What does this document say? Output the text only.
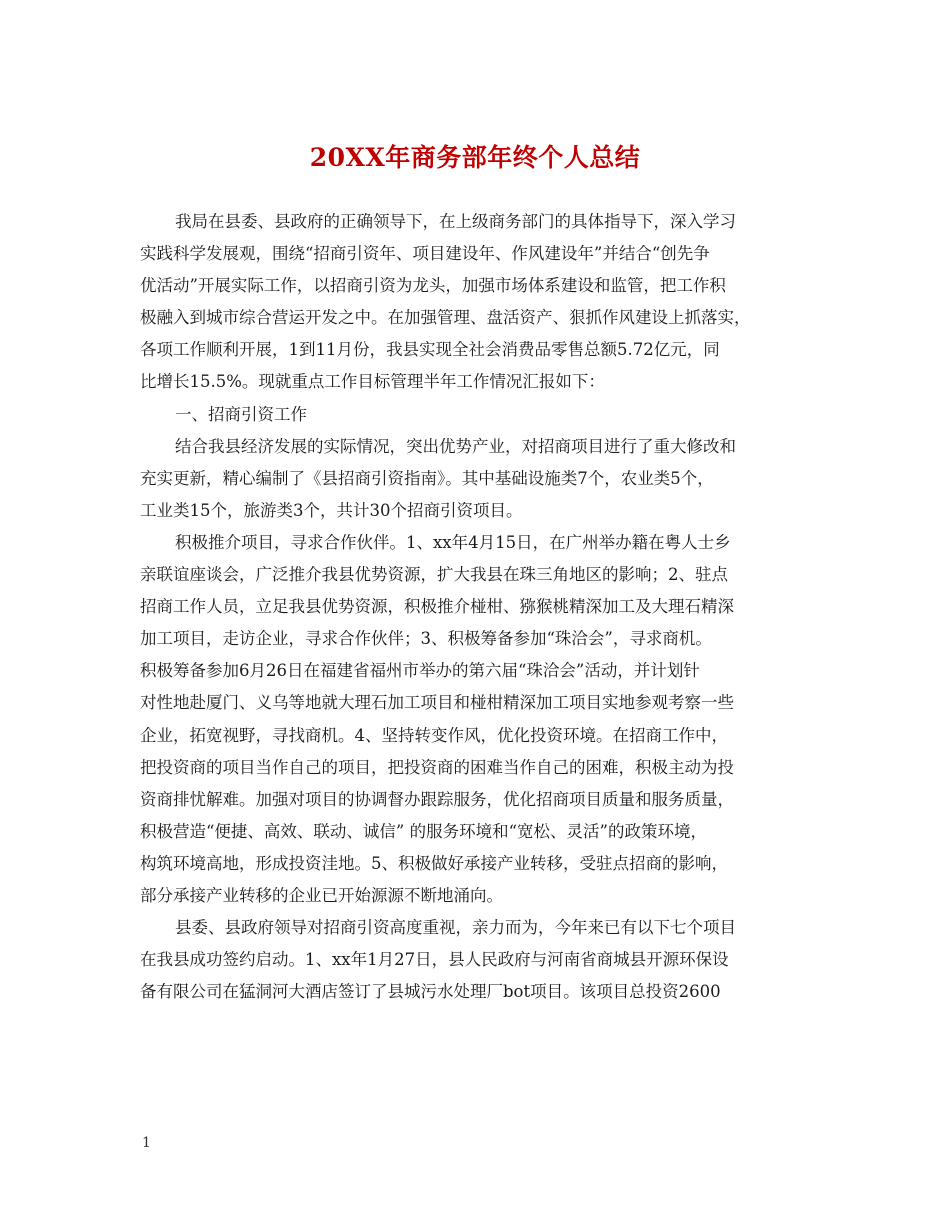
20XX年商务部年终个人总结
我局在县委、县政府的正确领导下，在上级商务部门的具体指导下，深入学习
实践科学发展观，围绕“招商引资年、项目建设年、作风建设年”并结合“创先争
优活动”开展实际工作，以招商引资为龙头，加强市场体系建设和监管，把工作积
极融入到城市综合营运开发之中。在加强管理、盘活资产、狠抓作风建设上抓落实，
各项工作顺利开展，1到11月份，我县实现全社会消费品零售总额5.72亿元，同
比增长15.5%。现就重点工作目标管理半年工作情况汇报如下：
一、招商引资工作
结合我县经济发展的实际情况，突出优势产业，对招商项目进行了重大修改和
充实更新，精心编制了《县招商引资指南》。其中基础设施类7个，农业类5个，
工业类15个，旅游类3个，共计30个招商引资项目。
积极推介项目，寻求合作伙伴。1、xx年4月15日，在广州举办籍在粤人士乡
亲联谊座谈会，广泛推介我县优势资源，扩大我县在珠三角地区的影响；2、驻点
招商工作人员，立足我县优势资源，积极推介椪柑、猕猴桃精深加工及大理石精深
加工项目，走访企业，寻求合作伙伴；3、积极筹备参加“珠洽会”，寻求商机。
积极筹备参加6月26日在福建省福州市举办的第六届“珠洽会”活动，并计划针
对性地赴厦门、义乌等地就大理石加工项目和椪柑精深加工项目实地参观考察一些
企业，拓宽视野，寻找商机。4、坚持转变作风，优化投资环境。在招商工作中，
把投资商的项目当作自己的项目，把投资商的困难当作自己的困难，积极主动为投
资商排忧解难。加强对项目的协调督办跟踪服务，优化招商项目质量和服务质量，
积极营造“便捷、高效、联动、诚信” 的服务环境和“宽松、灵活”的政策环境，
构筑环境高地，形成投资洼地。5、积极做好承接产业转移，受驻点招商的影响，
部分承接产业转移的企业已开始源源不断地涌向。
县委、县政府领导对招商引资高度重视，亲力而为，今年来已有以下七个项目
在我县成功签约启动。1、xx年1月27日，县人民政府与河南省商城县开源环保设
备有限公司在猛洞河大酒店签订了县城污水处理厂bot项目。该项目总投资2600
1
